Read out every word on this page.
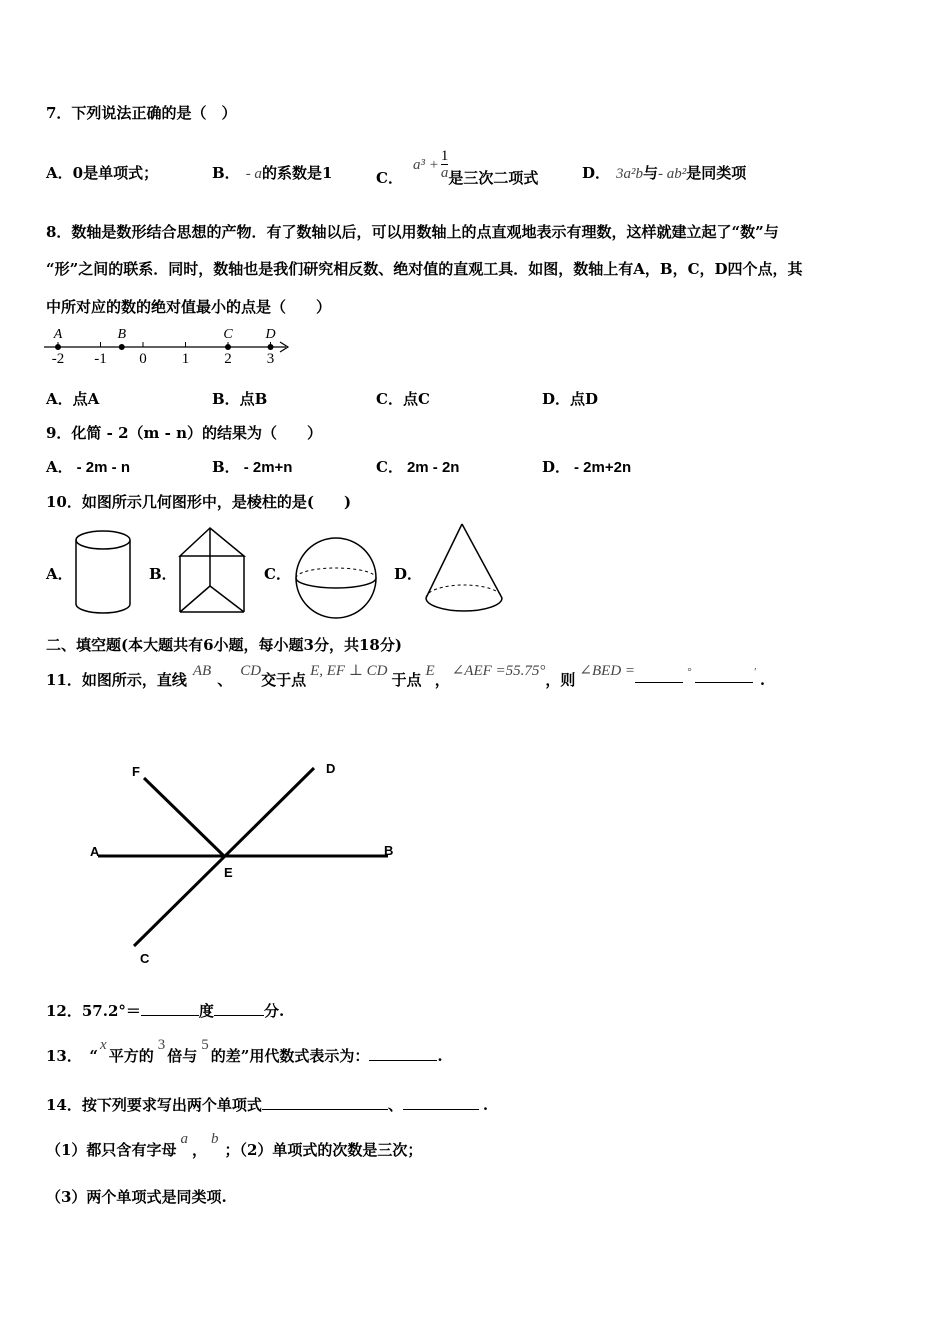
7．下列说法正确的是（　）
A．0是单项式；	B． - a的系数是1	C．$a^3 + \frac{1}{a}$ 是三次二项式	D． 3a²b与- ab²是同类项
8．数轴是数形结合思想的产物．有了数轴以后，可以用数轴上的点直观地表示有理数，这样就建立起了“数”与
“形”之间的联系．同时，数轴也是我们研究相反数、绝对值的直观工具．如图，数轴上有A，B，C，D四个点，其
中所对应的数的绝对值最小的点是（　　）
-2 -1 0 1 2 3
A	B	C D
A．点A	B．点B	C．点C	D．点D
9．化简 - 2（m - n）的结果为（　　）
A． - 2m - n	B． - 2m+n	C． 2m - 2n	D． - 2m+2n
10．如图所示几何图形中，是棱柱的是(　　)
A．	B．	C．	D．
二、填空题(本大题共有6小题，每小题3分，共18分)
11．如图所示，直线 AB 、 CD交于点 E, EF ⊥ CD 于点 E， ∠AEF =55.75°，则 ∠BED =	°	′ .
F	D
A	B
E
C
12．57.2°＝	度	分.
13．　“x平方的3倍与5的差”用代数式表示为：	.
14．按下列要求写出两个单项式	、	.
（1）都只含有字母a，b；（2）单项式的次数是三次；
（3）两个单项式是同类项.
